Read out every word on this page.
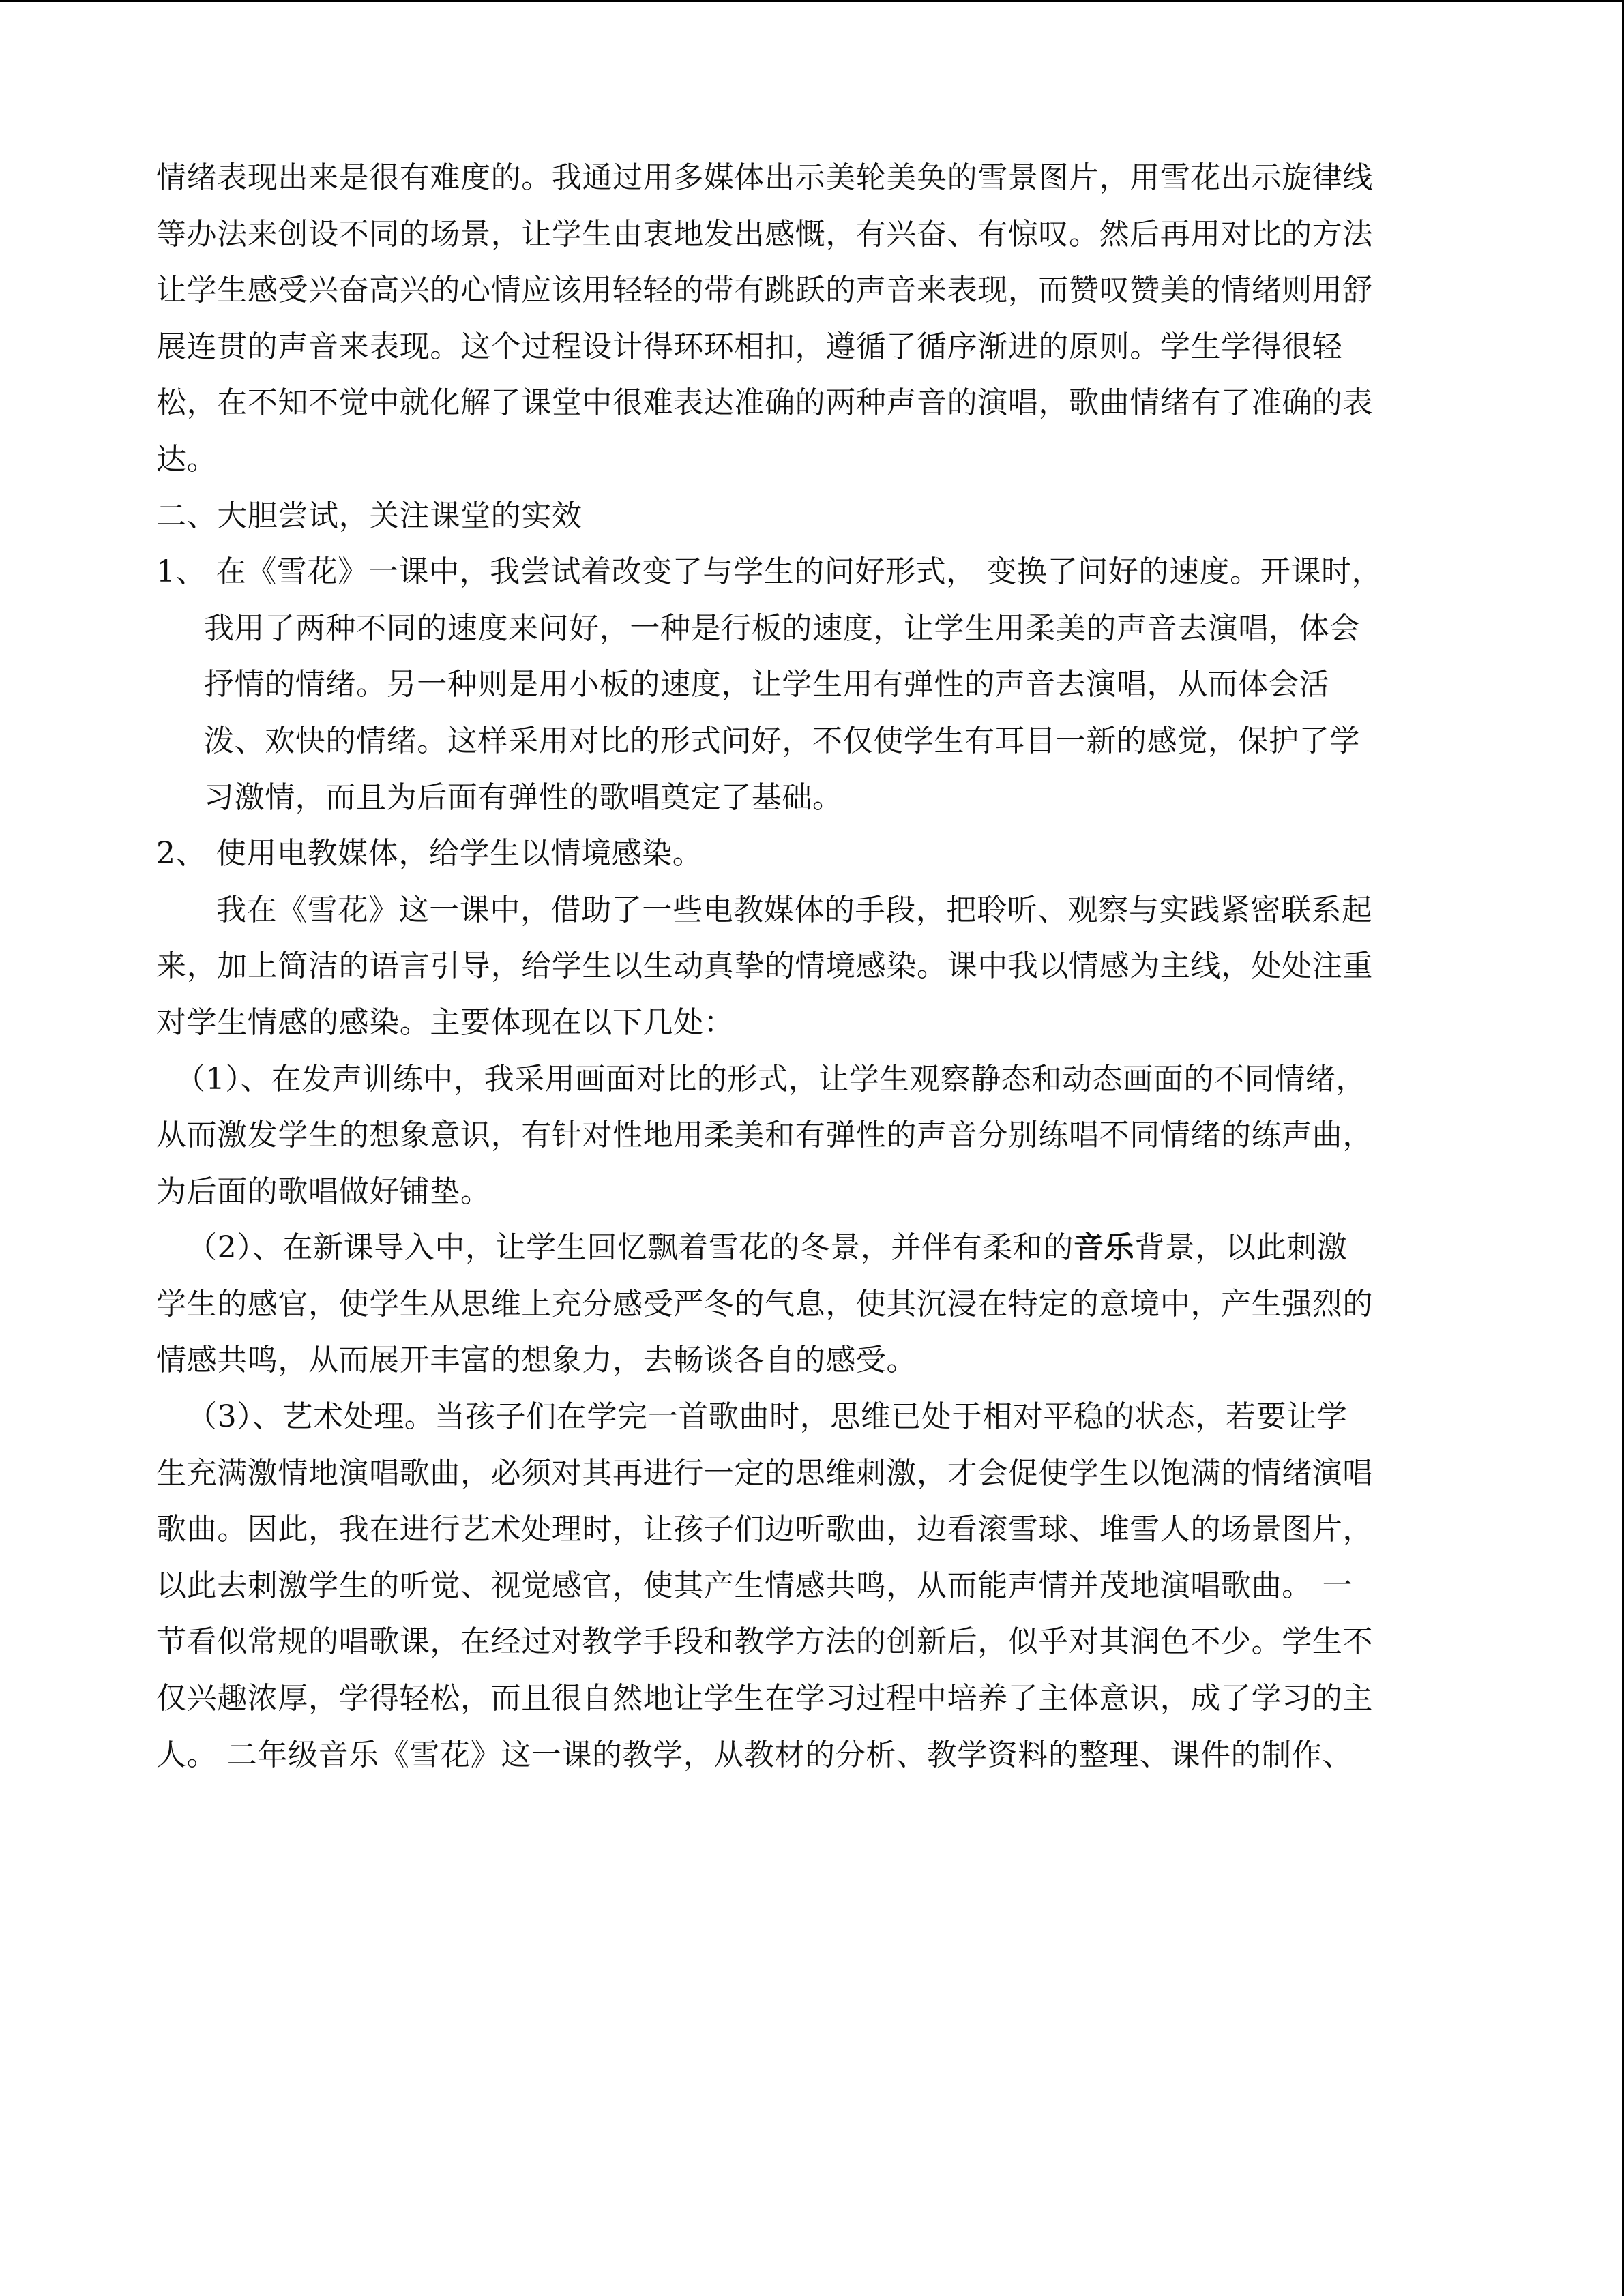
情绪表现出来是很有难度的。我通过用多媒体出示美轮美奂的雪景图片，用雪花出示旋律线
等办法来创设不同的场景，让学生由衷地发出感慨，有兴奋、有惊叹。然后再用对比的方法
让学生感受兴奋高兴的心情应该用轻轻的带有跳跃的声音来表现，而赞叹赞美的情绪则用舒
展连贯的声音来表现。这个过程设计得环环相扣，遵循了循序渐进的原则。学生学得很轻
松，在不知不觉中就化解了课堂中很难表达准确的两种声音的演唱，歌曲情绪有了准确的表
达。
二、大胆尝试，关注课堂的实效
1、 在《雪花》一课中，我尝试着改变了与学生的问好形式， 变换了问好的速度。开课时，
我用了两种不同的速度来问好，一种是行板的速度，让学生用柔美的声音去演唱，体会
抒情的情绪。另一种则是用小板的速度，让学生用有弹性的声音去演唱，从而体会活
泼、欢快的情绪。这样采用对比的形式问好，不仅使学生有耳目一新的感觉，保护了学
习激情，而且为后面有弹性的歌唱奠定了基础。
2、 使用电教媒体，给学生以情境感染。
我在《雪花》这一课中，借助了一些电教媒体的手段，把聆听、观察与实践紧密联系起
来，加上简洁的语言引导，给学生以生动真挚的情境感染。课中我以情感为主线，处处注重
对学生情感的感染。主要体现在以下几处：
（1）、在发声训练中，我采用画面对比的形式，让学生观察静态和动态画面的不同情绪，
从而激发学生的想象意识，有针对性地用柔美和有弹性的声音分别练唱不同情绪的练声曲，
为后面的歌唱做好铺垫。
（2）、在新课导入中，让学生回忆飘着雪花的冬景，并伴有柔和的音乐背景，以此刺激
学生的感官，使学生从思维上充分感受严冬的气息，使其沉浸在特定的意境中，产生强烈的
情感共鸣，从而展开丰富的想象力，去畅谈各自的感受。
（3）、艺术处理。当孩子们在学完一首歌曲时，思维已处于相对平稳的状态，若要让学
生充满激情地演唱歌曲，必须对其再进行一定的思维刺激，才会促使学生以饱满的情绪演唱
歌曲。因此，我在进行艺术处理时，让孩子们边听歌曲，边看滚雪球、堆雪人的场景图片，
以此去刺激学生的听觉、视觉感官，使其产生情感共鸣，从而能声情并茂地演唱歌曲。 一
节看似常规的唱歌课，在经过对教学手段和教学方法的创新后，似乎对其润色不少。学生不
仅兴趣浓厚，学得轻松，而且很自然地让学生在学习过程中培养了主体意识，成了学习的主
人。 二年级音乐《雪花》这一课的教学，从教材的分析、教学资料的整理、课件的制作、
